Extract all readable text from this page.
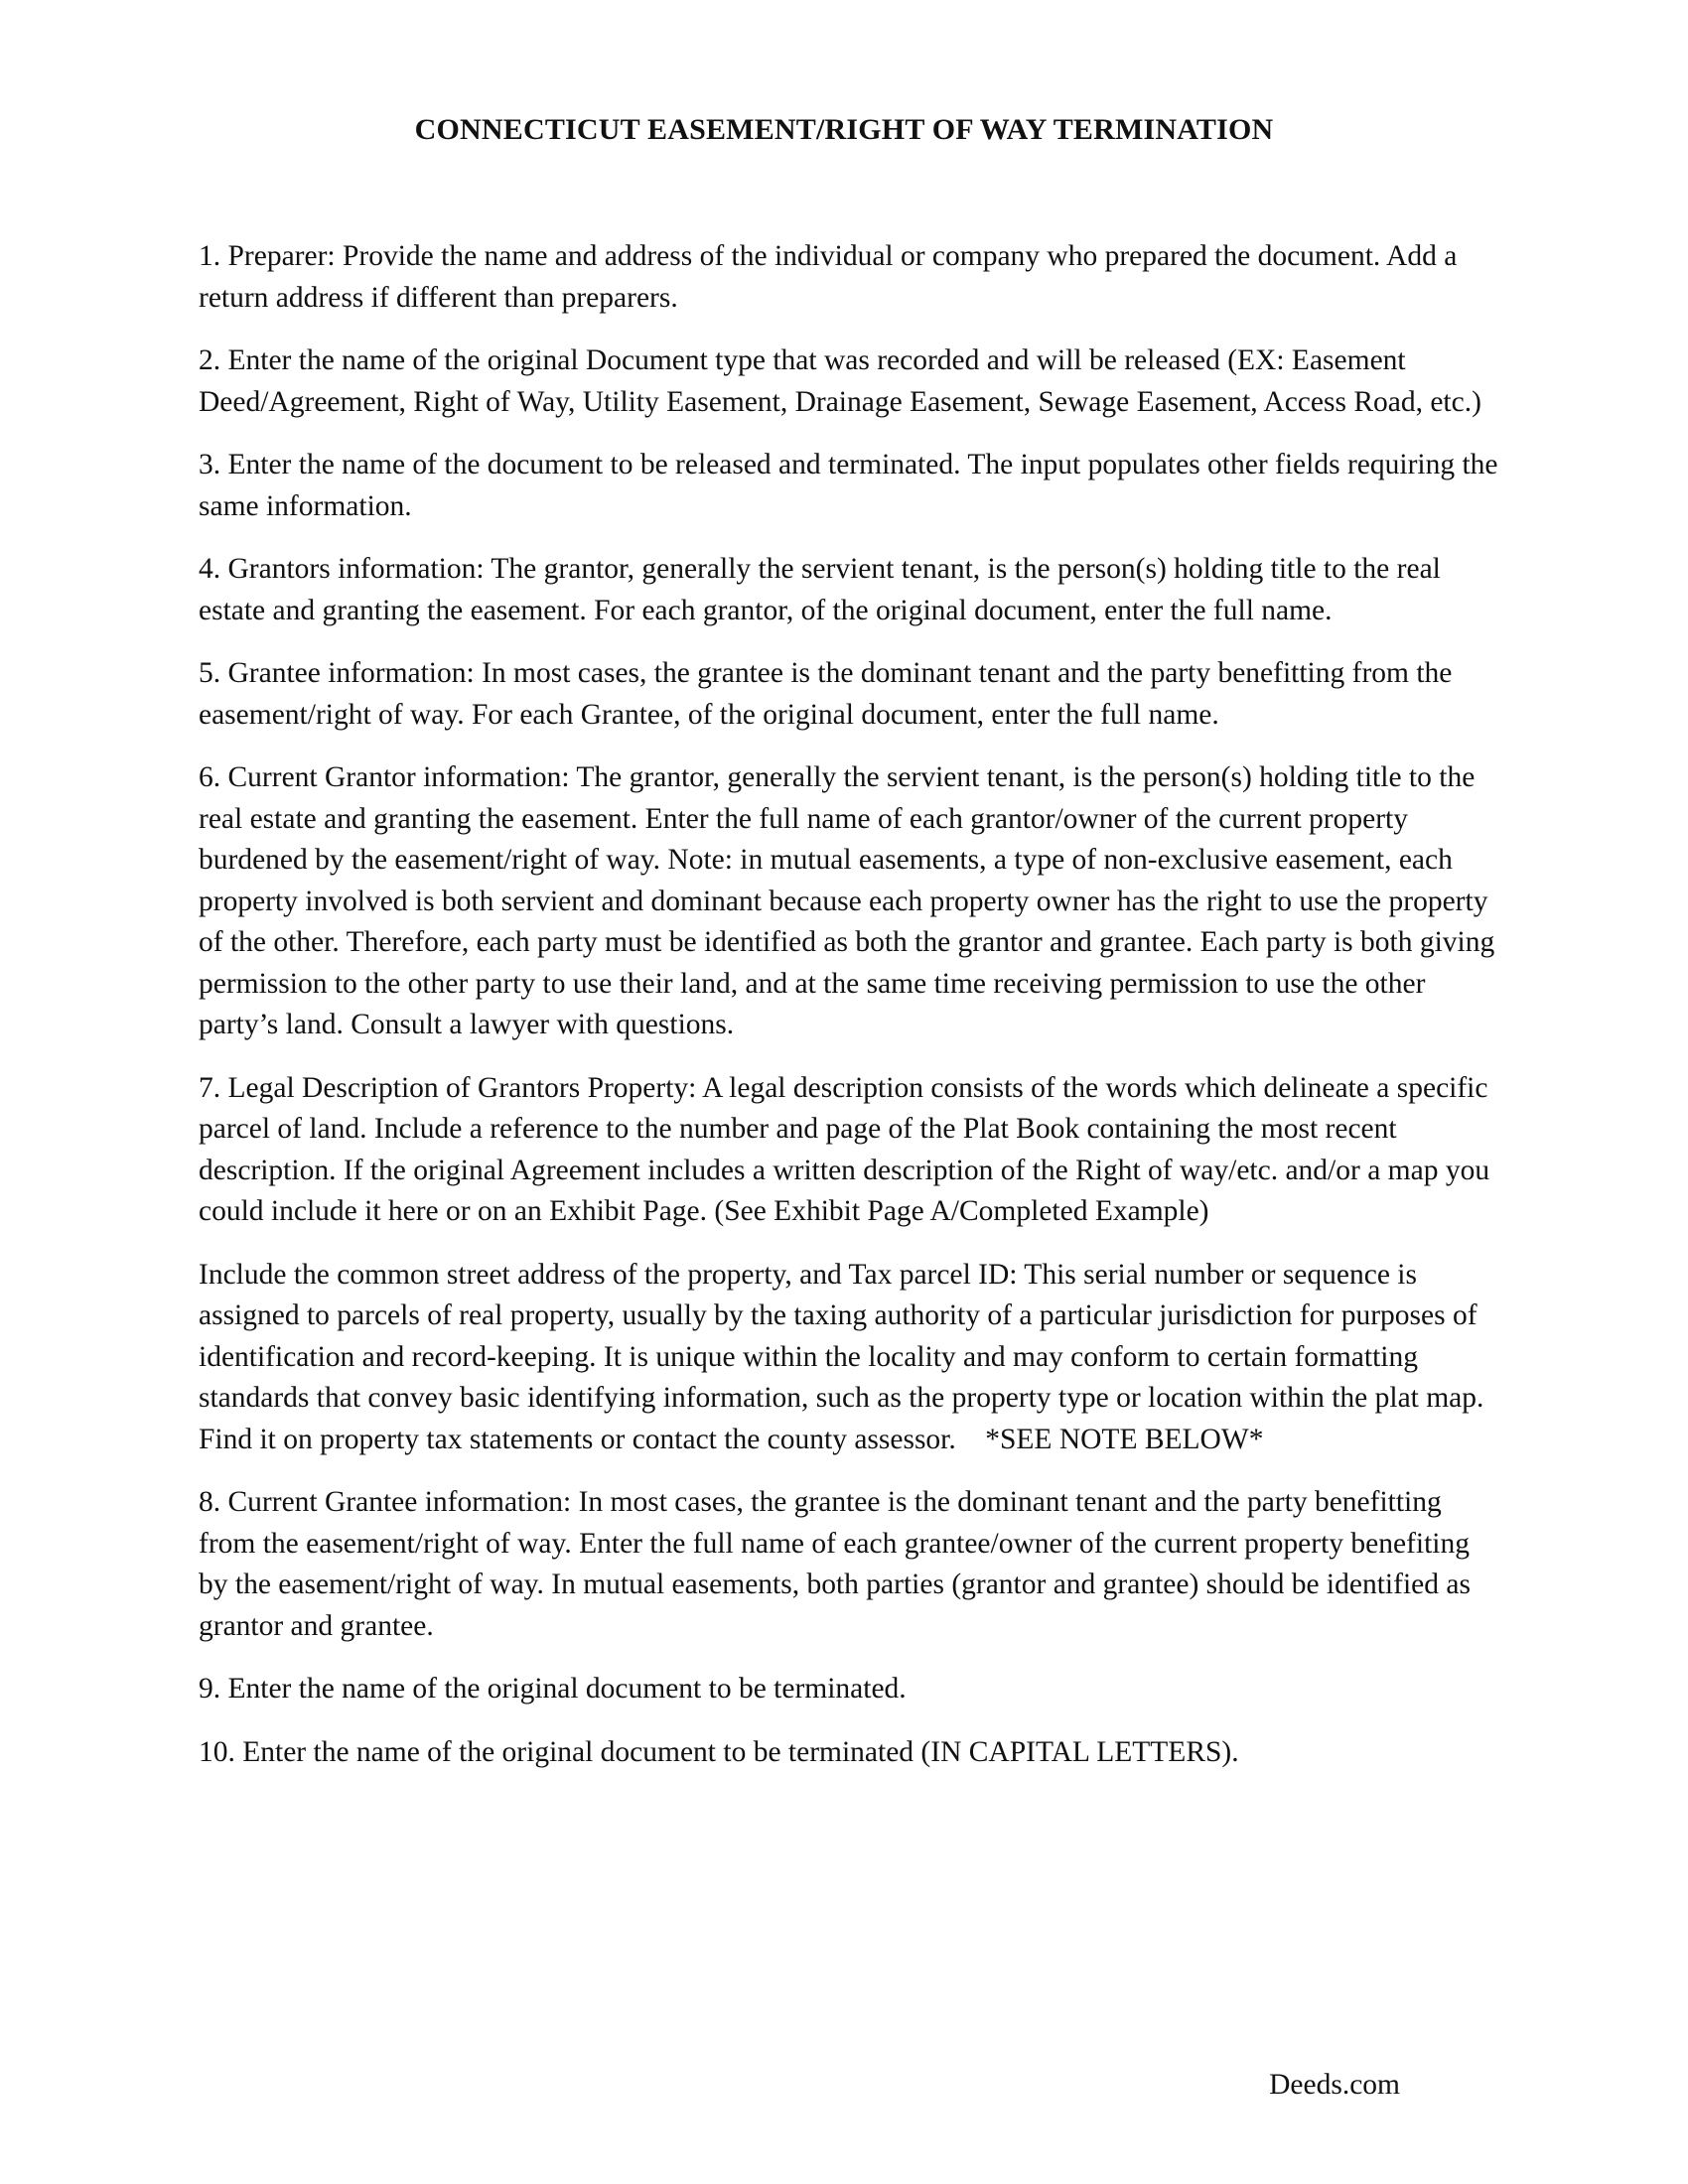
CONNECTICUT EASEMENT/RIGHT OF WAY TERMINATION

1. Preparer: Provide the name and address of the individual or company who prepared the document. Add a return address if different than preparers.

2. Enter the name of the original Document type that was recorded and will be released (EX: Easement Deed/Agreement, Right of Way, Utility Easement, Drainage Easement, Sewage Easement, Access Road, etc.)

3. Enter the name of the document to be released and terminated. The input populates other fields requiring the same information.

4. Grantors information: The grantor, generally the servient tenant, is the person(s) holding title to the real estate and granting the easement. For each grantor, of the original document, enter the full name.

5. Grantee information: In most cases, the grantee is the dominant tenant and the party benefitting from the easement/right of way. For each Grantee, of the original document, enter the full name.

6. Current Grantor information: The grantor, generally the servient tenant, is the person(s) holding title to the real estate and granting the easement. Enter the full name of each grantor/owner of the current property burdened by the easement/right of way. Note: in mutual easements, a type of non-exclusive easement, each property involved is both servient and dominant because each property owner has the right to use the property of the other. Therefore, each party must be identified as both the grantor and grantee. Each party is both giving permission to the other party to use their land, and at the same time receiving permission to use the other party’s land. Consult a lawyer with questions.

7. Legal Description of Grantors Property: A legal description consists of the words which delineate a specific parcel of land. Include a reference to the number and page of the Plat Book containing the most recent description. If the original Agreement includes a written description of the Right of way/etc. and/or a map you could include it here or on an Exhibit Page. (See Exhibit Page A/Completed Example)

Include the common street address of the property, and Tax parcel ID: This serial number or sequence is assigned to parcels of real property, usually by the taxing authority of a particular jurisdiction for purposes of identification and record-keeping. It is unique within the locality and may conform to certain formatting standards that convey basic identifying information, such as the property type or location within the plat map. Find it on property tax statements or contact the county assessor.    *SEE NOTE BELOW*

8. Current Grantee information: In most cases, the grantee is the dominant tenant and the party benefitting from the easement/right of way. Enter the full name of each grantee/owner of the current property benefiting by the easement/right of way. In mutual easements, both parties (grantor and grantee) should be identified as grantor and grantee.

9. Enter the name of the original document to be terminated.

10. Enter the name of the original document to be terminated (IN CAPITAL LETTERS).

Deeds.com
